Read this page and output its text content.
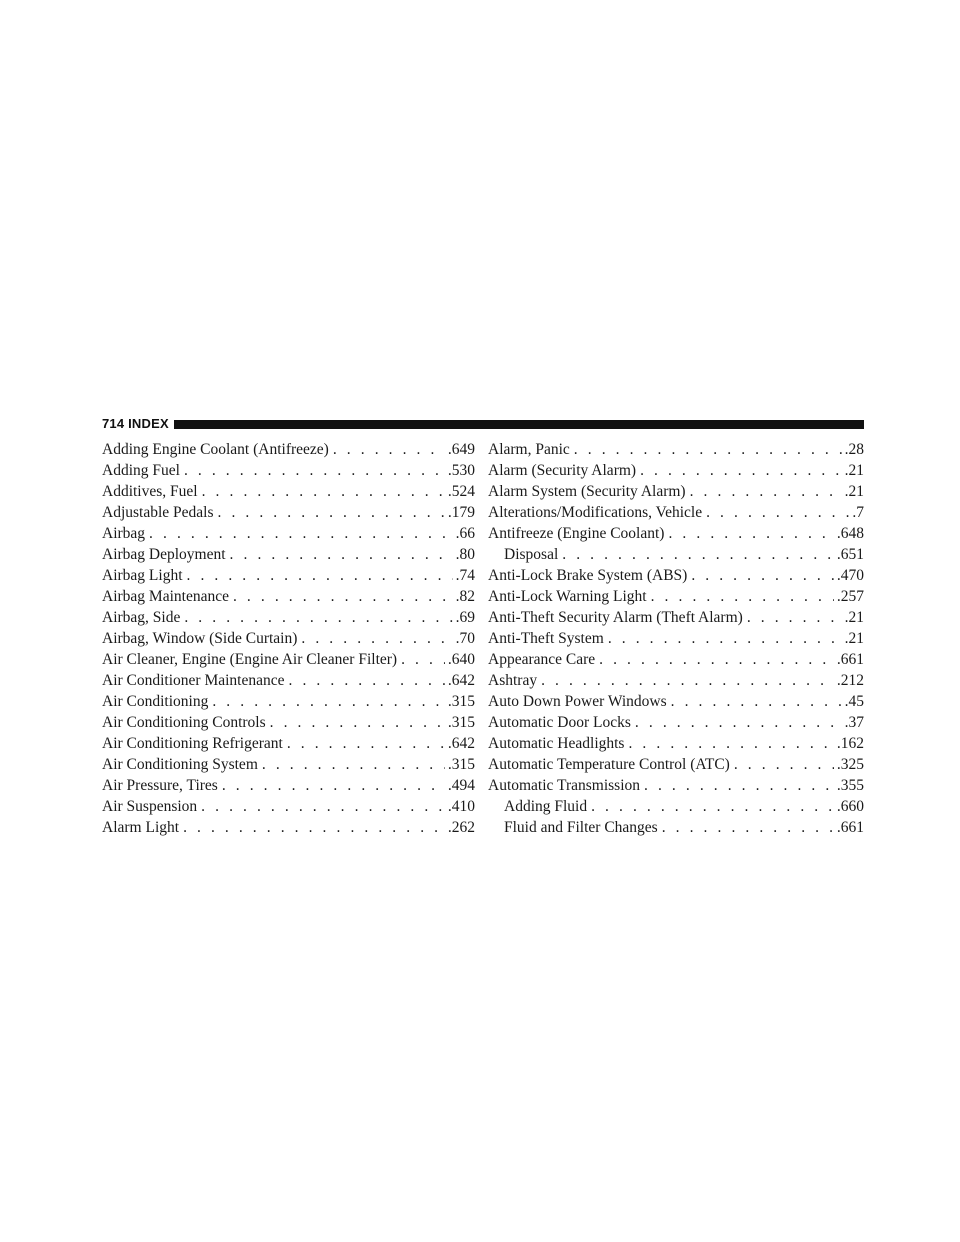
714 INDEX
Adding Engine Coolant (Antifreeze) . . .	.649
Adding Fuel . . .	.530
Additives, Fuel . . .	.524
Adjustable Pedals . . .	.179
Airbag . . .	.66
Airbag Deployment . . .	.80
Airbag Light . . .	.74
Airbag Maintenance . . .	.82
Airbag, Side . . .	.69
Airbag, Window (Side Curtain) . . .	.70
Air Cleaner, Engine (Engine Air Cleaner Filter) . . .	.640
Air Conditioner Maintenance . . .	.642
Air Conditioning . . .	.315
Air Conditioning Controls . . .	.315
Air Conditioning Refrigerant . . .	.642
Air Conditioning System . . .	.315
Air Pressure, Tires . . .	.494
Air Suspension . . .	.410
Alarm Light . . .	.262
Alarm, Panic . . .	.28
Alarm (Security Alarm) . . .	.21
Alarm System (Security Alarm) . . .	.21
Alterations/Modifications, Vehicle . . .	.7
Antifreeze (Engine Coolant) . . .	.648
Disposal . . .	.651
Anti-Lock Brake System (ABS) . . .	.470
Anti-Lock Warning Light . . .	.257
Anti-Theft Security Alarm (Theft Alarm) . . .	.21
Anti-Theft System . . .	.21
Appearance Care . . .	.661
Ashtray . . .	.212
Auto Down Power Windows . . .	.45
Automatic Door Locks . . .	.37
Automatic Headlights . . .	.162
Automatic Temperature Control (ATC) . . .	.325
Automatic Transmission . . .	.355
Adding Fluid . . .	.660
Fluid and Filter Changes . . .	.661
